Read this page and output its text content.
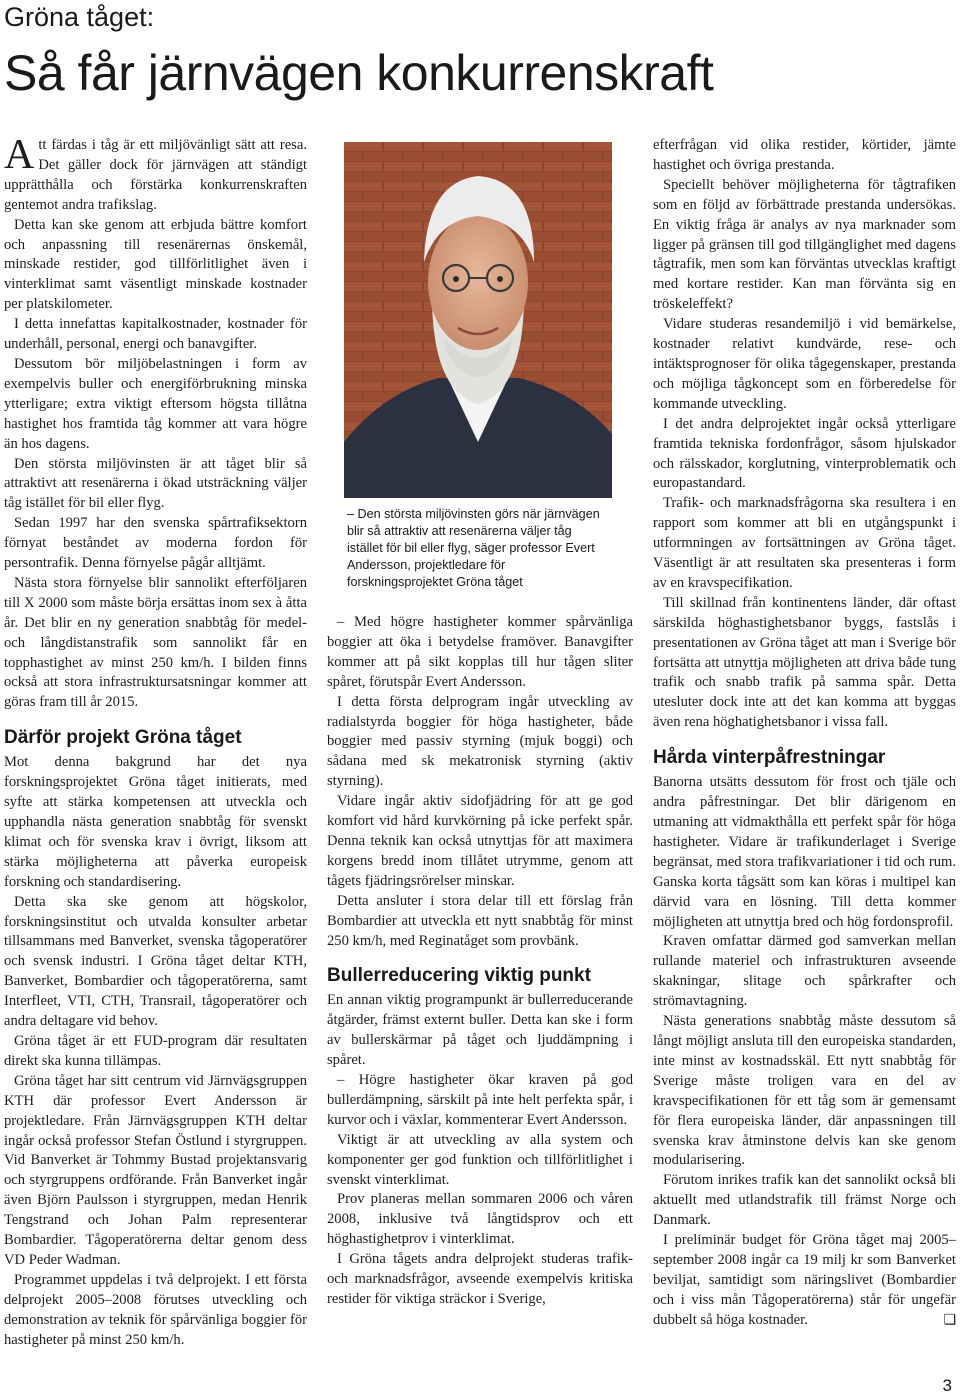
Gröna tåget:
Så får järnvägen konkurrenskraft

Att färdas i tåg är ett miljövänligt sätt att resa. Det gäller dock för järnvägen att ständigt upprätthålla och förstärka konkurrenskraften gentemot andra trafikslag.

Detta kan ske genom att erbjuda bättre komfort och anpassning till resenärernas önskemål, minskade restider, god tillförlitlighet även i vinterklimat samt väsentligt minskade kostnader per platskilometer.

I detta innefattas kapitalkostnader, kostnader för underhåll, personal, energi och banavgifter.

Dessutom bör miljöbelastningen i form av exempelvis buller och energiförbrukning minska ytterligare; extra viktigt eftersom högsta tillåtna hastighet hos framtida tåg kommer att vara högre än hos dagens.

Den största miljövinsten är att tåget blir så attraktivt att resenärerna i ökad utsträckning väljer tåg istället för bil eller flyg.

Sedan 1997 har den svenska spårtrafiksektorn förnyat beståndet av moderna fordon för persontrafik. Denna förnyelse pågår alltjämt.

Nästa stora förnyelse blir sannolikt efterföljaren till X 2000 som måste börja ersättas inom sex à åtta år. Det blir en ny generation snabbtåg för medel- och långdistanstrafik som sannolikt får en topphastighet av minst 250 km/h. I bilden finns också att stora infrastruktursatsningar kommer att göras fram till år 2015.

Därför projekt Gröna tåget

Mot denna bakgrund har det nya forskningsprojektet Gröna tåget initierats, med syfte att stärka kompetensen att utveckla och upphandla nästa generation snabbtåg för svenskt klimat och för svenska krav i övrigt, liksom att stärka möjligheterna att påverka europeisk forskning och standardisering.

Detta ska ske genom att högskolor, forskningsinstitut och utvalda konsulter arbetar tillsammans med Banverket, svenska tågoperatörer och svensk industri. I Gröna tåget deltar KTH, Banverket, Bombardier och tågoperatörerna, samt Interfleet, VTI, CTH, Transrail, tågoperatörer och andra deltagare vid behov.

Gröna tåget är ett FUD-program där resultaten direkt ska kunna tillämpas.

Gröna tåget har sitt centrum vid Järnvägsgruppen KTH där professor Evert Andersson är projektledare. Från Järnvägsgruppen KTH deltar ingår också professor Stefan Östlund i styrgruppen. Vid Banverket är Tohmmy Bustad projektansvarig och styrgruppens ordförande. Från Banverket ingår även Björn Paulsson i styrgruppen, medan Henrik Tengstrand och Johan Palm representerar Bombardier. Tågoperatörerna deltar genom dess VD Peder Wadman.

Programmet uppdelas i två delprojekt. I ett första delprojekt 2005–2008 förutses utveckling och demonstration av teknik för spårvänliga boggier för hastigheter på minst 250 km/h.

– Den största miljövinsten görs när järnvägen blir så attraktiv att resenärerna väljer tåg istället för bil eller flyg, säger professor Evert Andersson, projektledare för forskningsprojektet Gröna tåget

– Med högre hastigheter kommer spårvänliga boggier att öka i betydelse framöver. Banavgifter kommer att på sikt kopplas till hur tågen sliter spåret, förutspår Evert Andersson.

I detta första delprogram ingår utveckling av radialstyrda boggier för höga hastigheter, både boggier med passiv styrning (mjuk boggi) och sådana med sk mekatronisk styrning (aktiv styrning).

Vidare ingår aktiv sidofjädring för att ge god komfort vid hård kurvkörning på icke perfekt spår. Denna teknik kan också utnyttjas för att maximera korgens bredd inom tillåtet utrymme, genom att tågets fjädringsrörelser minskar.

Detta ansluter i stora delar till ett förslag från Bombardier att utveckla ett nytt snabbtåg för minst 250 km/h, med Reginatåget som provbänk.

Bullerreducering viktig punkt

En annan viktig programpunkt är bullerreducerande åtgärder, främst externt buller. Detta kan ske i form av bullerskärmar på tåget och ljuddämpning i spåret.

– Högre hastigheter ökar kraven på god bullerdämpning, särskilt på inte helt perfekta spår, i kurvor och i växlar, kommenterar Evert Andersson.

Viktigt är att utveckling av alla system och komponenter ger god funktion och tillförlitlighet i svenskt vinterklimat.

Prov planeras mellan sommaren 2006 och våren 2008, inklusive två långtidsprov och ett höghastighetprov i vinterklimat.

I Gröna tågets andra delprojekt studeras trafik- och marknadsfrågor, avseende exempelvis kritiska restider för viktiga sträckor i Sverige,

efterfrågan vid olika restider, körtider, jämte hastighet och övriga prestanda.

Speciellt behöver möjligheterna för tågtrafiken som en följd av förbättrade prestanda undersökas. En viktig fråga är analys av nya marknader som ligger på gränsen till god tillgänglighet med dagens tågtrafik, men som kan förväntas utvecklas kraftigt med kortare restider. Kan man förvänta sig en tröskeleffekt?

Vidare studeras resandemiljö i vid bemärkelse, kostnader relativt kundvärde, rese- och intäktsprognoser för olika tågegenskaper, prestanda och möjliga tågkoncept som en förberedelse för kommande utveckling.

I det andra delprojektet ingår också ytterligare framtida tekniska fordonfrågor, såsom hjulskador och rälsskador, korglutning, vinterproblematik och europastandard.

Trafik- och marknadsfrågorna ska resultera i en rapport som kommer att bli en utgångspunkt i utformningen av fortsättningen av Gröna tåget. Väsentligt är att resultaten ska presenteras i form av en kravspecifikation.

Till skillnad från kontinentens länder, där oftast särskilda höghastighetsbanor byggs, fastslås i presentationen av Gröna tåget att man i Sverige bör fortsätta att utnyttja möjligheten att driva både tung trafik och snabb trafik på samma spår. Detta utesluter dock inte att det kan komma att byggas även rena höghatighetsbanor i vissa fall.

Hårda vinterpåfrestningar

Banorna utsätts dessutom för frost och tjäle och andra påfrestningar. Det blir därigenom en utmaning att vidmakthålla ett perfekt spår för höga hastigheter. Vidare är trafikunderlaget i Sverige begränsat, med stora trafikvariationer i tid och rum. Ganska korta tågsätt som kan köras i multipel kan därvid vara en lösning. Till detta kommer möjligheten att utnyttja bred och hög fordonsprofil.

Kraven omfattar därmed god samverkan mellan rullande materiel och infrastrukturen avseende skakningar, slitage och spårkrafter och strömavtagning.

Nästa generations snabbtåg måste dessutom så långt möjligt ansluta till den europeiska standarden, inte minst av kostnadsskäl. Ett nytt snabbtåg för Sverige måste troligen vara en del av kravspecifikationen för ett tåg som är gemensamt för flera europeiska länder, där anpassningen till svenska krav åtminstone delvis kan ske genom modularisering.

Förutom inrikes trafik kan det sannolikt också bli aktuellt med utlandstrafik till främst Norge och Danmark.

I preliminär budget för Gröna tåget maj 2005–september 2008 ingår ca 19 milj kr som Banverket beviljat, samtidigt som näringslivet (Bombardier och i viss mån Tågoperatörerna) står för ungefär dubbelt så höga kostnader.	❑

3
